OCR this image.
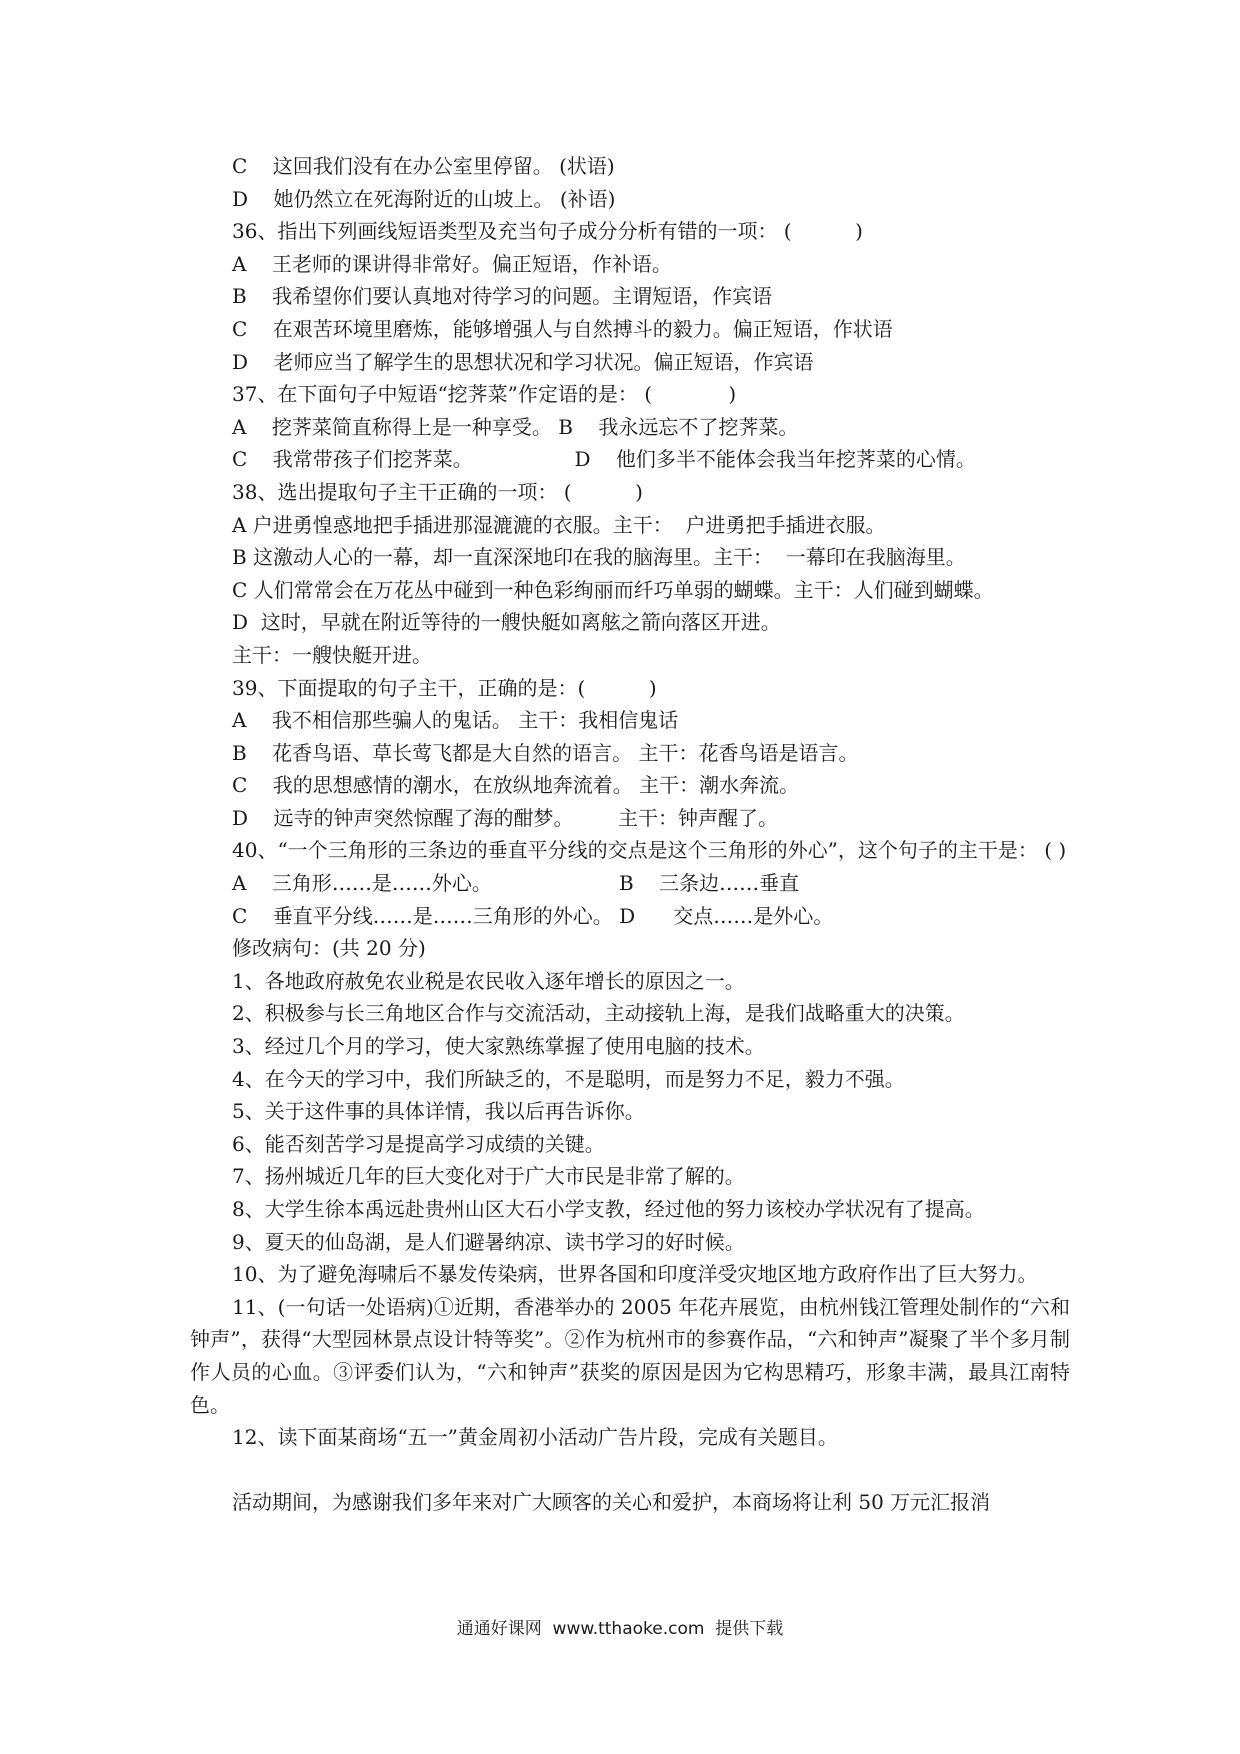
C    这回我们没有在办公室里停留。 (状语)
D    她仍然立在死海附近的山坡上。 (补语)
36、指出下列画线短语类型及充当句子成分分析有错的一项： (          )
A    王老师的课讲得非常好。偏正短语，作补语。
B    我希望你们要认真地对待学习的问题。主谓短语，作宾语
C    在艰苦环境里磨炼，能够增强人与自然搏斗的毅力。偏正短语，作状语
D    老师应当了解学生的思想状况和学习状况。偏正短语，作宾语
37、在下面句子中短语“挖荠菜”作定语的是： (            )
A    挖荠菜简直称得上是一种享受。 B    我永远忘不了挖荠菜。
C    我常带孩子们挖荠菜。                D    他们多半不能体会我当年挖荠菜的心情。
38、选出提取句子主干正确的一项： (          )
A 户进勇惶惑地把手插进那湿漉漉的衣服。主干：  户进勇把手插进衣服。
B 这激动人心的一幕，却一直深深地印在我的脑海里。主干：  一幕印在我脑海里。
C 人们常常会在万花丛中碰到一种色彩绚丽而纤巧单弱的蝴蝶。主干：人们碰到蝴蝶。
D  这时，早就在附近等待的一艘快艇如离舷之箭向落区开进。
主干：一艘快艇开进。
39、下面提取的句子主干，正确的是：(          )
A    我不相信那些骗人的鬼话。 主干：我相信鬼话
B    花香鸟语、草长莺飞都是大自然的语言。 主干：花香鸟语是语言。
C    我的思想感情的潮水，在放纵地奔流着。 主干：潮水奔流。
D    远寺的钟声突然惊醒了海的酣梦。       主干：钟声醒了。
40、“一个三角形的三条边的垂直平分线的交点是这个三角形的外心”，这个句子的主干是： ( )
A    三角形……是……外心。                    B    三条边……垂直
C    垂直平分线……是……三角形的外心。 D      交点……是外心。
修改病句：(共 20 分)
1、各地政府赦免农业税是农民收入逐年增长的原因之一。
2、积极参与长三角地区合作与交流活动，主动接轨上海，是我们战略重大的决策。
3、经过几个月的学习，使大家熟练掌握了使用电脑的技术。
4、在今天的学习中，我们所缺乏的，不是聪明，而是努力不足，毅力不强。
5、关于这件事的具体详情，我以后再告诉你。
6、能否刻苦学习是提高学习成绩的关键。
7、扬州城近几年的巨大变化对于广大市民是非常了解的。
8、大学生徐本禹远赴贵州山区大石小学支教，经过他的努力该校办学状况有了提高。
9、夏天的仙岛湖，是人们避暑纳凉、读书学习的好时候。
10、为了避免海啸后不暴发传染病，世界各国和印度洋受灾地区地方政府作出了巨大努力。
11、(一句话一处语病)①近期，香港举办的 2005 年花卉展览，由杭州钱江管理处制作的“六和钟声”，获得“大型园林景点设计特等奖”。②作为杭州市的参赛作品，“六和钟声”凝聚了半个多月制作人员的心血。③评委们认为，“六和钟声”获奖的原因是因为它构思精巧，形象丰满，最具江南特色。
12、读下面某商场“五一”黄金周初小活动广告片段，完成有关题目。
活动期间，为感谢我们多年来对广大顾客的关心和爱护，本商场将让利 50 万元汇报消
通通好课网  www.tthaoke.com  提供下载
